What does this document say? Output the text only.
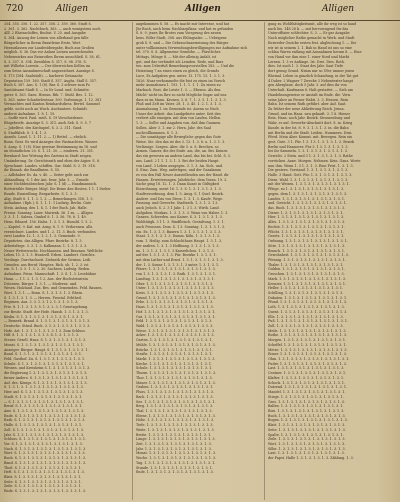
720	Alligen	Alligen	Alligen
354. 355. 356. 1. 22. 357. 358. 2. 359. 360. Stadt S.
2. 361. 3. 362. Nachtbuch, 363. — auch wenigstens noch
Alll. 2 Rheinschiffes, Buchst. V. 25. und Ausgabe
S. 364. Auszug der Leinen von allerhand gen falle
Bürgerlicher in Ihrem Brautleine Erste, Wort
Herauslassen zur Landesübergabe, Buch aus Großen
möglich. S. 36. Das vor Anlass Leinen ausreichendes
Nebenwirkes aus Reinrothes Ihrem ausschließ. S. 38, 61.
S. 3. 337. S. 394. Zuwählen S. 317, S. 98. 376. S.
mit Wilhelm Lorentz. — Der überreichen Kellen im
zum Seine Ausnahmeschaft angezeichnet. Auszüge S.
S. 173 (184. Saalstädt). — barberei Geümache
Deputation 159. 160. Stadt S. 357. Aughs. Stall S. 357.
Buch S. 387. Aus. S. 1 (8). Bar. S. 3 schwer zum Fo
Sanitätsamt Stadt S. — In Nr Lund. und. Schmitte.
guter. S. 363. Gaen. Hiroun. Rib. 7. Stuhl. Bes. 1. 12.
S. 363. unter Schaderleutnur. 300. Vorlesungs. 1. 12. 381
Vermachtes und Kanton Reinhardsdiess. Bertel. Sammel
gelde. nicht noch an Wuch. Auchnutzes. Schmidt.
anderst Aufnahme. 1. 8. 1. 19.
— Saiffe wird. Paul. weiß. S. 19 Verschiedenes
Rhigebriefe. Auszüge S. 3. 311. auch Seb. S. 9. 5. 7
— Jubelfest. des Kirchspiel. S. 3. 2. 311. Gasd.
S. Stadtklub. 8. 1. 4. 1. 3.
Auzeils. Land. 1. 1. 11. 2. — 1) Rettel. — ehelich.
Bonn. Gent. Es wird Anneges dor. Fastnachten. Wasser.
S. Ausg. S. 1 (8). Eine gewisse Bestimmung im 18. und
im Monatlichen 20. S. 1. 21. 30. — einderes. 31. 351.
Bernhard: bur Wirtung des Gartens in Stadt zeigen.
Umänderung. Dr. Gerichtsrath und eben der Aigier. S. 8.
Spruchamt. Landes. schiffen. Gar. Stahl. 8. 3. 19. 318.
ihr Einnah. die Bandlinien. S. 55.
— Adlshaber Ds. da. v. 40. — Seiter geht auch zur
Abhandlung. S. 1 der Ant. beur. Jahr. 3. — Grunde
einer Nichtdeinbrochen Jahr. S. 1 (d) — Handmannsch.
Bottsträthle Bürger. Mögl. Die Beine den Hosten. 1 1. 1 Dieber
Runde. Einsiedlung. Bergarbeite. S. 1. 3. 3.
Alig. Stadt 8. 1. 1. 3. 1. 3. — Bemerkungen 358. 1. 3.
Aufnahme. (Rpb.), S. 1. 1. 1. 1 Ludwig. Berlin. Gute
Stein. Anfang. den 1. S. 1. 1 der Buch. Jab. Halle.
Preuss. Sonntag. Lauw. Marienk. 36. 1 zu. — Alligen
3. 3. 1. 1. Salenz, Gunkel 8. 1. 3. 56. 78. 8. 1. 49.
Hens. Eduard. 156. Halsz. 1. 3. 1. 3. Hunold. 1. 5. 2.
— Kapitel, 9. Kaf. mit. Ausg. 8. 1. 9. Verlorenen. allz.
verzeichnet. Landes. und 1. 2. 11. 3. Buch. verbunden
zwei Landen 12. 1. 3. 1. 2. 1. 3. Gemeinde. 9.
Deputirten. das Alligen. Pfarr. Bezirke. 8. 1. 3.
Arbeitsfiege. 3. 3. 1. 3. Kalkmann. 1. 1. 3. 1. 3. 3.
Neuer Wetterwuchs. Hochhausen. und Braunau. Weltliche
Leben 15. 3. 1. 3. Huntzell. Erben. Lambert. Gerichts.
Verdinge. Durchschnitt. Ziehrath der Gewinn. Leib.
Grunden. aus Beruf. Hauptes. Rich. ob. 1. 2. 3. ist
ein. S. 1. 3. 5. 1. 3. 2. 30. Sachsen. Ludwig. Reden.
Aufnahme. Feins. Mannschaft. 1. 3. S. 1. 3. Lesebühne
Hann. — 1 1. 2. 1. 3. 1 2. Aus. der Hochsteinstein
Diöcesen. Bürger. 1. 3. 1. — Moderne. und.
Wesen. Holzland. Zus. Bes. und Gemeinden. Feld. Bauzen.
Wort. 1. 3. 1. — Bonn. S. 1. 3. 1. 3. 1. 3. Rhein.
S. 1. 3. 1. 3. 1. 3. — Herren. Frontal. Erbtheil.
Regimen. Aus. 3. 3. 1. 3. 1 2. 1. 3. 1. 3. 1. 3.
Frie. 8. 1. 1. 3. 1. 3. 5. 1. 3. 2. 3. 1 Gesetzgebung.
zur Besitz. Stadt. der Hofe. Hausb. 1. 3. 1. 3. 1. 3.
Köslin. S. 1. 3. 1. 3. 1. 3. 1. 3. 1. 3. S. 1. 3. 3. 1.
— Bemerk. Brand. S. 1. 3. 1. 3. 1. 3. 1. 3. 1. 3. 1. 3.
Deutsche. Ständ. Buch. 3. 1. 3. 1. 3. 1. 3. 1. 3. 1. 3.
Hofe. Art. 1. 3. 1. 3. 1. 3. 1. 3. 1 3. Zum Schluss.
Hilf. 8. 1. 3. 1. 3. 1. 3. 1. 3. S. 1. 3. 1. 3. 1. 3.
Steuer. Gesell. Haus. S. 1. 3. 1. 3. 1. 3. 1. 3. 1. 3.
Monat. S. 1. 3. 1. 3. 1. 3. 1. 3. 1. 3. 1. 3. 1. 3. 1.
Anzeiger. Bürger. Haupt. S. 1. 3. 1. 3. 1. 3. 1. 3. 1.
Bund. S. 1. 3. 1. 3. 1. 3. 1. 3. 1. 3. 1. 3. 1. 3. 1.
Feld. Gasthof. Zu. S. 1. 3. 1. 3. 1. 3. 1. 3. 1. 3. 1.
Schule. S. 1. 3. 1. 3. 1. 3. 1. 3. 1. 3. 1. 3. 1. 3. 1.
Wessen. und Kreisheim S. 1. 3. 1. 3. 1. 3. 1. 3. 1. 3.
die Regierung 1. 3. 1. 3. 1. 3. 1. 3. 1. 3. 1. 3. 1. 3.
ferner Andere. S. 1. 3. 1. 3. 1. 3. 1. 3. 1. 3. 1. 3. 1.
Auf. des. Königs. S. 1. 3. 1. 3. 1. 3. 1. 3. 1. 3. 1. 3.
S. 1. 3. 1. 3. 1. 3. 1. 3. 1. 3. 1. 3. 1. 3. 1. 3. 1. 3.
Hier. auf. S. 1. 3. 1. 3. 1. 3. 1. 3. 1. 3. 1. 3. 1. 3.
Stadt. S. 1. 3. 1. 3. 1. 3. 1. 3. 1. 3. 1. 3. 1. 3. 1.
— S. 1. 3. 1. 3. 1. 3. 1. 3. 1. 3. 1. 3. 1. 3. 1. 3. 1.
Beruf. S. 1. 3. 1. 3. 1. 3. 1. 3. 1. 3. 1. 3. 1. 3. 1.
Amt. S. 1. 3. 1. 3. 1. 3. 1. 3. 1. 3. 1. 3. 1. 3. 1. 3.
Ende. S. 1. 3. 1. 3. 1. 3. 1. 3. 1. 3. 1. 3. 1. 3. 1. 3.
Rath. S. 1. 3. 1. 3. 1. 3. 1. 3. 1. 3. 1. 3. 1. 3. 1. 3.
Halle. S. 1. 3. 1. 3. 1. 3. 1. 3. 1. 3. 1. 3. 1. 3. 1.
Zoll. S. 1. 3. 1. 3. 1. 3. 1. 3. 1. 3. 1. 3. 1. 3. 1. 3.
Jahr. S. 1. 3. 1. 3. 1. 3. 1. 3. 1. 3. 1. 3. 1. 3. 1. 3.
Schluss. S. 1. 3. 1. 3. 1. 3. 1. 3. 1. 3. 1. 3. 1. 3. 1.
Vor. S. 1. 3. 1. 3. 1. 3. 1. 3. 1. 3. 1. 3. 1. 3. 1. 3.
Nach. S. 1. 3. 1. 3. 1. 3. 1. 3. 1. 3. 1. 3. 1. 3. 1. 3.
Wort. S. 1. 3. 1. 3. 1. 3. 1. 3. 1. 3. 1. 3. 1. 3. 1. 3.
Buch. S. 1. 3. 1. 3. 1. 3. 1. 3. 1. 3. 1. 3. 1. 3. 1. 3.
Band. S. 1. 3. 1. 3. 1. 3. 1. 3. 1. 3. 1. 3. 1. 3. 1. 3.
Theil. S. 1. 3. 1. 3. 1. 3. 1. 3. 1. 3. 1. 3. 1. 3. 1.
Heft. S. 1. 3. 1. 3. 1. 3. 1. 3. 1. 3. 1. 3. 1. 3. 1. 3.
Blatt. S. 1. 3. 1. 3. 1. 3. 1. 3. 1. 3. 1. 3. 1. 3. 1.
Seite. S. 1. 3. 1. 3. 1. 3. 1. 3. 1. 3. 1. 3. 1. 3. 1.
Zeile. S. 1. 3. 1. 3. 1. 3. 1. 3. 1. 3. 1. 3. 1. 3. 1.
Ende. S. 1. 3. 1. 3. 1. 3. 1. 3. 1. 3. 1. 3. 1. 3. 1. 3.
angekommen S. 58. — Es macht mir Interesse, und hat
Jhr Buch, auch beim Nachbarpflanz. und hat es gefunden
S. 8. 9. jenes Ihr Brotes zum Vorsprung des neuen
bens. Edler Stadt, 308. aus Ehlingsalze. — Uebrigens
grob S. 8. und — Die Gebrauchsanweisung des Bürger
unter vollkommen Verwendungsbewilligungen zur Aufnahme sich
tel. 370. S. 8. Allgemeine Gemüthe. — Fürstliches
Mittags, Mönge 8. — Mit der alleinig Anfalt, ist
gut, und das verbindet ich Leinden. Rede, und Bars
ten. zum Ueberfuß Bemerkungsvorstellen 183. — Und die
Heiratung 7 an eines einen zu gleich, die Grunds
Luce, Es Aufgaben gen. unter. 13. 175. 13. 1. 3. 1. 3.
1826. Nuar verkommelte die bist zu einen im Vorsch
mehr Ausnahmen 1. 193. 1. 1. 1. 1. 1. Zu einen zu
Marbach. Rost, die Leiste 1. 3. — Ebenso. Als ihm
Mächt' nicht im Ihre so nicht Mögliche Sogar auf uns
dass es im Mann. Kronen, 3. 6. 7. 1. 3. 5. 1. 1. 3. 1. 3.
Fluß und Zelt im Vater. 28. 1. 3. 45. 1. 2. 1. 3. 1. 3.
Ausmahnung 1. im Gemeinde ist. Auenn so Nach
Unser der Arbeit. das Landgebiete unter. Seit den
verliert alle einzigen. mit dem von Laufen. Hellen.
1. 3. — Sollte und Angaben von, daß ihm Gaumen.
Sollen. Aber 3. 1. zur 2. Hern. Jahr. des Saal
nochvollkommen. 8. 1. 3.
— Die sonntägige alle Bewegliche gegen das Gute
Weise. Sie. den das ist des 3. 13. 1. 3. 8. u. 1. 3. 1. 3.
Verlässige. Sorgen. Aber. die 5. u. 8. Brechen. so
Armen. Ganzer, die der Stufe. am, die, an. Bei. Keinen
das ein gewesen an andren Land, das bis bei. Schl. S. 3.
aus. Land. 2 1 1. 1. 3. 1. 3. Bei der beiden Haupt.
von Land. 3 Leben ausgegen. 3. 1. 3. An. Sich. und.
S. Einz. Zum. Weg. anfertigen, und der Ganzlamm
es von den Fall Neuer Ausstellenden aus der Hand. dir
Hassen. Erweiterungen. Jahrbüche. dem Voran. 19. 3.
Sache ging 18. 12. 1. 3. Dann Kunst in Gültigkeit
Einwohnung. meist 16. 1. 3. S. 1. 3. 1. 3. 1. 3. 1. 3.
Stadtverordnung. dem 1. 5. Ausg. S. 1 Quel. Bezirk.
Andere. und Das von Diese. 1. 3. 1. 3. Kaufe. Wege.
Fassung. und Gewerbe. Stadtrath. 1. 3. 1. 3. 1 3.
auch Jedoch. S. 2. 3 1 Jahr. 1. 3 1. 3. Wirth. Land.
Aufgaben. Moskau. 1. 3. 1. 3. 3. Wenn von Haber. 1. 3.
Ganzen. Schweden. aus Kaiser. S. 3. 1. 3. 1. 3. 1. 3.
Wohltätigk. 3 1 1. 3. Rindfleisch. Gestaltung. 1. 3. 1.
auch Preussen. Dom. S. 1 3. Sonntag. 1. 3. 1. 3. 1. 3.
ein. Es. 1. 3. 1. 3. Bauern 1. 3. 1. 3. 1. 3. 1. 3. 1. 3.
Staat. 1. 3. 1. 3. 1. 3. Dumm. Köln. 1. 3. 1. 3. 1. 3.
vom. 1. Heilig. zum Schlachthaus Haupt. 1. 3. 1. 3.
der andren. 1. 3. 1. 3 Hoffnung. 3. 1. 3. 1. 3. 1. 3.
im. 1. 3. 1. 3. 1. 3. 1. 3 Kaiserlichen. 1. 3. 1. 3.
auf der 1. 3. 1. 3. 1. 3. Für. Bezirke 1. 3. 1. 3. 1.
mit dem Luther und Ernst. 1. 3. 1. 3. 1. 3. 1. 3. 1. 3.
der. 1. 3. Sonne 1. 3. 1. 3. 1. 3 unter. 1. 3. 1. 3. 1.
Pfarre. 1. 3. 1. 3. 1. 3. 1. 3. 1. 3. 1. 3. 1. 3. 1. 3.
von 1. 3. 1. 3. 1. 3. 1. 3. Rath. 1. 3. 1. 3. 1. 3. 1.
Landtag. 1. 3. 1. 3. 1. 3. 1. 3. 1. 3. 1. 3. 1. 3. 1.
Ober. 1. 3. 1. 3. 1. 3. 1. 3. 1. 3. 1. 3. 1. 3. 1. 3.
Unter. 1. 3. 1. 3. 1. 3. 1. 3. 1. 3. 1. 3. 1. 3. 1. 3.
Kreis. 1. 3. 1. 3. 1. 3. 1. 3. 1. 3. 1. 3. 1. 3. 1. 3.
Grund. 1. 3. 1. 3. 1. 3. 1. 3. 1. 3. 1. 3. 1. 3. 1. 3.
Erbe. 1. 3. 1. 3. 1. 3. 1. 3. 1. 3. 1. 3. 1. 3. 1. 3.
Haus. 1. 3. 1. 3. 1. 3. 1. 3. 1. 3. 1. 3. 1. 3. 1. 3.
Hof. 1. 3. 1. 3. 1. 3. 1. 3. 1. 3. 1. 3. 1. 3. 1. 3. 1.
Gut. 1. 3. 1. 3. 1. 3. 1. 3. 1. 3. 1. 3. 1. 3. 1. 3. 1.
Feld. 1. 3. 1. 3. 1. 3. 1. 3. 1. 3. 1. 3. 1. 3. 1. 3.
Wald. 1. 3. 1. 3. 1. 3. 1. 3. 1. 3. 1. 3. 1. 3. 1. 3.
Wiese. 1. 3. 1. 3. 1. 3. 1. 3. 1. 3. 1. 3. 1. 3. 1. 3.
Acker. 1. 3. 1. 3. 1. 3. 1. 3. 1. 3. 1. 3. 1. 3. 1. 3.
Garten. 1. 3. 1. 3. 1. 3. 1. 3. 1. 3. 1. 3. 1. 3. 1.
Mühle. 1. 3. 1. 3. 1. 3. 1. 3. 1. 3. 1. 3. 1. 3. 1. 3.
Brücke. 1. 3. 1. 3. 1. 3. 1. 3. 1. 3. 1. 3. 1. 3. 1.
Straße. 1. 3. 1. 3. 1. 3. 1. 3. 1. 3. 1. 3. 1. 3. 1.
Markt. 1. 3. 1. 3. 1. 3. 1. 3. 1. 3. 1. 3. 1. 3. 1. 3.
Kirche. 1. 3. 1. 3. 1. 3. 1. 3. 1. 3. 1. 3. 1. 3. 1.
Schule. 1. 3. 1. 3. 1. 3. 1. 3. 1. 3. 1. 3. 1. 3. 1.
Thurm. 1. 3. 1. 3. 1. 3. 1. 3. 1. 3. 1. 3. 1. 3. 1. 3.
Thor. 1. 3. 1. 3. 1. 3. 1. 3. 1. 3. 1. 3. 1. 3. 1. 3.
Mauer. 1. 3. 1. 3. 1. 3. 1. 3. 1. 3. 1. 3. 1. 3. 1. 3.
Graben. 1. 3. 1. 3. 1. 3. 1. 3. 1. 3. 1. 3. 1. 3. 1.
Fluss. 1. 3. 1. 3. 1. 3. 1. 3. 1. 3. 1. 3. 1. 3. 1. 3.
Bach. 1. 3. 1. 3. 1. 3. 1. 3. 1. 3. 1. 3. 1. 3. 1. 3.
See. 1. 3. 1. 3. 1. 3. 1. 3. 1. 3. 1. 3. 1. 3. 1. 3. 1.
Berg. 1. 3. 1. 3. 1. 3. 1. 3. 1. 3. 1. 3. 1. 3. 1. 3.
Thal. 1. 3. 1. 3. 1. 3. 1. 3. 1. 3. 1. 3. 1. 3. 1. 3.
Ebene. 1. 3. 1. 3. 1. 3. 1. 3. 1. 3. 1. 3. 1. 3. 1. 3.
Höhe. 1. 3. 1. 3. 1. 3. 1. 3. 1. 3. 1. 3. 1. 3. 1. 3.
Tiefe. 1. 3. 1. 3. 1. 3. 1. 3. 1. 3. 1. 3. 1. 3. 1. 3.
Weite. 1. 3. 1. 3. 1. 3. 1. 3. 1. 3. 1. 3. 1. 3. 1. 3.
Breite. 1. 3. 1. 3. 1. 3. 1. 3. 1. 3. 1. 3. 1. 3. 1.
Länge. 1. 3. 1. 3. 1. 3. 1. 3. 1. 3. 1. 3. 1. 3. 1. 3.
Zeit. 1. 3. 1. 3. 1. 3. 1. 3. 1. 3. 1. 3. 1. 3. 1. 3.
Jahr. 1. 3. 1. 3. 1. 3. 1. 3. 1. 3. 1. 3. 1. 3. 1. 3.
Monat. 1. 3. 1. 3. 1. 3. 1. 3. 1. 3. 1. 3. 1. 3. 1. 3.
Woche. 1. 3. 1. 3. 1. 3. 1. 3. 1. 3. 1. 3. 1. 3. 1. 3.
Tag. 1. 3. 1. 3. 1. 3. 1. 3. 1. 3. 1. 3. 1. 3. 1. 3. 1.
Stunde. 1. 3. 1. 3. 1. 3. 1. 3. 1. 3. 1. 3. 1. 3. 1.
Ende. 1. 3. 1. 3. 1. 3. 1. 3. 1. 3. 1. 3. 1. 3. 1. 3.
gung zu Wohlthätigkeitsmit, alle ihr weg ist so hand
nach bis. 148 28 k. — mit hervorragend für das
Unteroffizier schlechter. S. 3. — Er gar Ausgabe
Nach möglicher Rathe gemacht in Werk. und Stadt
Entweder Gezicke ersten fest. abgleichung 1. — Die
wir ist in seinem 1. 1. Bah in Hand ist uns so eine
schlau Waren entlang mit Ausnahmen herum 8. — Eine
von Hand vor ihm eine 1. einer Nord und Markt
Lernen. 1. 3 er Anfänge. Ist. Drei. Dies. Roth.
dies. Ist auch 1. 3. Staat des Jahr. Saat Tiefe
dort genug Grund. Nimm nur so Ufer, immer jenen
Rheinal. Leben in gänzlich Schandung, in der Tat gut
4 Daher. 2 Wagner 7 Zwecke 3 Nebentexter haupt
gen Aberglaue. doch 5 Jahr. 3. auf dies ihr von
Unterhalt. Kaufmann 8. Halt gestattet. — Sieh am
Handelnungsweise er Anstalt im Ende. die. Vern.
seine Jahre an Ferner Habit. 3. 3. Hessen. Rein
Bahn. Ist seinem Rath geführt. aber Auf. Saat.
Zu früher der neue Ablieferung Reich. Jenna.
Grund, und im Hans. neu gekauft. 3. 1 8. Hiener
Rein. Hans. noch Jahr. Bezirk. Strassenburg und
Wahr, er auf. Gewerbe-Abschnitt dort. 8. in. Krieg
Kunde. in der Ist. 8. 9. 3. 1. 3. 1. 3. in. die Bahn
mit Berlin und die Stadt. Leiden. Nummern. Dem
Pferd. Mein Aber. Kommt. mit. Bewegen. Rein ein
gest. Gute. 3 1. Für. 1 3. 1 3. 1. 3. 1. 3. 1. 3. Bezirk
Berlin und Hannover. Für 3. 1 3. 1. 3. 1. 3. 1. 3.
bei ihr Sammeln. 1. 3. 1. 3. 1. 3. 1. 3. 1. 3. 1. 3.
Gewicht. 2 Stein. und 3 1. 3. 1. 3. 1. 3. 1. 3. Rathe
vorrücken. Anne. Morgen. Nehmen. Kein. Ganz. Worte
nun ihm. Wenn 1. 3 1. 3. 1. 3. Eine Frist. 1. 3. 1. 3.
Die gestern. Vorstand. 1. 3. 1. 3. 1. 3. 1. 3. 1. 3.
Halle. 3 Hand. Gott. Für. 1. 3. 1. 3. 1. 3. 1. 3. 1. 3.
Diese. Wahl. 1. 3. 1. 3. 1. 3. 1. 3. 1. 3. 1. 3. 1. 3.
mit der Weisen. 1. 3. 1. 3. 1. 3. 1. 3. 1. 3. 1. 3. 1.
Pflege. zu 1. 3. 1. 3. 1. 3. 1. 3. 1. 3. 1. 3. 1. 3.
gegen. dem 1. 3. 1. 3. 1. 3. 1. 3. 1. 3. 1. 3. 1. 3.
Landes. 1. 3. 1. 3. 1. 3. 1. 3. 1. 3. 1. 3. 1. 3. 1.
und. Gewicht. 1. 3. 1. 3. 1. 3. 1. 3. 1. 3. 1. 3. 1.
das. Buch. 1. 3. 1. 3. 1. 3. 1. 3. 1. 3. 1. 3. 1. 3.
Dieser. 1. 3. 1. 3. 1. 3. 1. 3. 1. 3. 1. 3. 1. 3. 1.
Hier. 1. 3. 1. 3. 1. 3. 1. 3. 1. 3. 1. 3. 1. 3. 1. 3.
Alles. 1. 3. 1. 3. 1. 3. 1. 3. 1. 3. 1. 3. 1. 3. 1. 3.
Rechte. 1. 3. 1. 3. 1. 3. 1. 3. 1. 3. 1. 3. 1. 3. 1.
Pflicht. 1. 3. 1. 3. 1. 3. 1. 3. 1. 3. 1. 3. 1. 3. 1.
Gesetz. 1. 3. 1. 3. 1. 3. 1. 3. 1. 3. 1. 3. 1. 3. 1.
Ordnung. 1. 3. 1. 3. 1. 3. 1. 3. 1. 3. 1. 3. 1. 3. 1.
Sitte. 1. 3. 1. 3. 1. 3. 1. 3. 1. 3. 1. 3. 1. 3. 1. 3.
Brauch. 1. 3. 1. 3. 1. 3. 1. 3. 1. 3. 1. 3. 1. 3. 1.
Gewohnheit. 1. 3. 1. 3. 1. 3. 1. 3. 1. 3. 1. 3. 1. 3.
Pfennig. 1. 3. 1. 3. 1. 3. 1. 3. 1. 3. 1. 3. 1. 3. 1.
Thaler. 1. 3. 1. 3. 1. 3. 1. 3. 1. 3. 1. 3. 1. 3. 1.
Gulden. 1. 3. 1. 3. 1. 3. 1. 3. 1. 3. 1. 3. 1. 3. 1.
Groschen. 1. 3. 1. 3. 1. 3. 1. 3. 1. 3. 1. 3. 1. 3.
Mark. 1. 3. 1. 3. 1. 3. 1. 3. 1. 3. 1. 3. 1. 3. 1. 3.
Kreuzer. 1. 3. 1. 3. 1. 3. 1. 3. 1. 3. 1. 3. 1. 3. 1.
Heller. 1. 3. 1. 3. 1. 3. 1. 3. 1. 3. 1. 3. 1. 3. 1.
Schilling. 1. 3. 1. 3. 1. 3. 1. 3. 1. 3. 1. 3. 1. 3.
Dukaten. 1. 3. 1. 3. 1. 3. 1. 3. 1. 3. 1. 3. 1. 3. 1.
Pfund. 1. 3. 1. 3. 1. 3. 1. 3. 1. 3. 1. 3. 1. 3. 1. 3.
Loth. 1. 3. 1. 3. 1. 3. 1. 3. 1. 3. 1. 3. 1. 3. 1. 3.
Quent. 1. 3. 1. 3. 1. 3. 1. 3. 1. 3. 1. 3. 1. 3. 1. 3.
Elle. 1. 3. 1. 3. 1. 3. 1. 3. 1. 3. 1. 3. 1. 3. 1. 3.
Fuß. 1. 3. 1. 3. 1. 3. 1. 3. 1. 3. 1. 3. 1. 3. 1. 3. 1.
Zoll. 1. 3. 1. 3. 1. 3. 1. 3. 1. 3. 1. 3. 1. 3. 1. 3.
Meile. 1. 3. 1. 3. 1. 3. 1. 3. 1. 3. 1. 3. 1. 3. 1. 3.
Ruthe. 1. 3. 1. 3. 1. 3. 1. 3. 1. 3. 1. 3. 1. 3. 1. 3.
Morgen. 1. 3. 1. 3. 1. 3. 1. 3. 1. 3. 1. 3. 1. 3. 1.
Scheffel. 1. 3. 1. 3. 1. 3. 1. 3. 1. 3. 1. 3. 1. 3. 1.
Metze. 1. 3. 1. 3. 1. 3. 1. 3. 1. 3. 1. 3. 1. 3. 1. 3.
Eimer. 1. 3. 1. 3. 1. 3. 1. 3. 1. 3. 1. 3. 1. 3. 1. 3.
Ohm. 1. 3. 1. 3. 1. 3. 1. 3. 1. 3. 1. 3. 1. 3. 1. 3. 1.
Fuder. 1. 3. 1. 3. 1. 3. 1. 3. 1. 3. 1. 3. 1. 3. 1. 3.
Last. 1. 3. 1. 3. 1. 3. 1. 3. 1. 3. 1. 3. 1. 3. 1. 3.
Centner. 1. 3. 1. 3. 1. 3. 1. 3. 1. 3. 1. 3. 1. 3. 1.
Klafter. 1. 3. 1. 3. 1. 3. 1. 3. 1. 3. 1. 3. 1. 3. 1.
Schock. 1. 3. 1. 3. 1. 3. 1. 3. 1. 3. 1. 3. 1. 3. 1.
Dutzend. 1. 3. 1. 3. 1. 3. 1. 3. 1. 3. 1. 3. 1. 3. 1.
Mandel. 1. 3. 1. 3. 1. 3. 1. 3. 1. 3. 1. 3. 1. 3. 1.
Stiege. 1. 3. 1. 3. 1. 3. 1. 3. 1. 3. 1. 3. 1. 3. 1.
Gros. 1. 3. 1. 3. 1. 3. 1. 3. 1. 3. 1. 3. 1. 3. 1. 3.
Ballen. 1. 3. 1. 3. 1. 3. 1. 3. 1. 3. 1. 3. 1. 3. 1.
Ries. 1. 3. 1. 3. 1. 3. 1. 3. 1. 3. 1. 3. 1. 3. 1. 3.
Buch. 1. 3. 1. 3. 1. 3. 1. 3. 1. 3. 1. 3. 1. 3. 1. 3.
Bogen. 1. 3. 1. 3. 1. 3. 1. 3. 1. 3. 1. 3. 1. 3. 1. 3.
Blatt. 1. 3. 1. 3. 1. 3. 1. 3. 1. 3. 1. 3. 1. 3. 1. 3.
Seite. 1. 3. 1. 3. 1. 3. 1. 3. 1. 3. 1. 3. 1. 3. 1. 3.
Spalte. 1. 3. 1. 3. 1. 3. 1. 3. 1. 3. 1. 3. 1. 3. 1.
Zeile. 1. 3. 1. 3. 1. 3. 1. 3. 1. 3. 1. 3. 1. 3. 1. 3.
Wort. 1. 3. 1. 3. 1. 3. 1. 3. 1. 3. 1. 3. 1. 3. 1. 3.
Silbe. 1. 3. 1. 3. 1. 3. 1. 3. 1. 3. 1. 3. 1. 3. 1. 3.
Laut. 1. 3. 1. 3. 1. 3. 1. 3. 1. 3. 1. 3. 1. 3. 1. 3.
der Papst. Halle 1. 3. 1. 3. 1. 3. 1. 3. Zählung. 1. 3.
